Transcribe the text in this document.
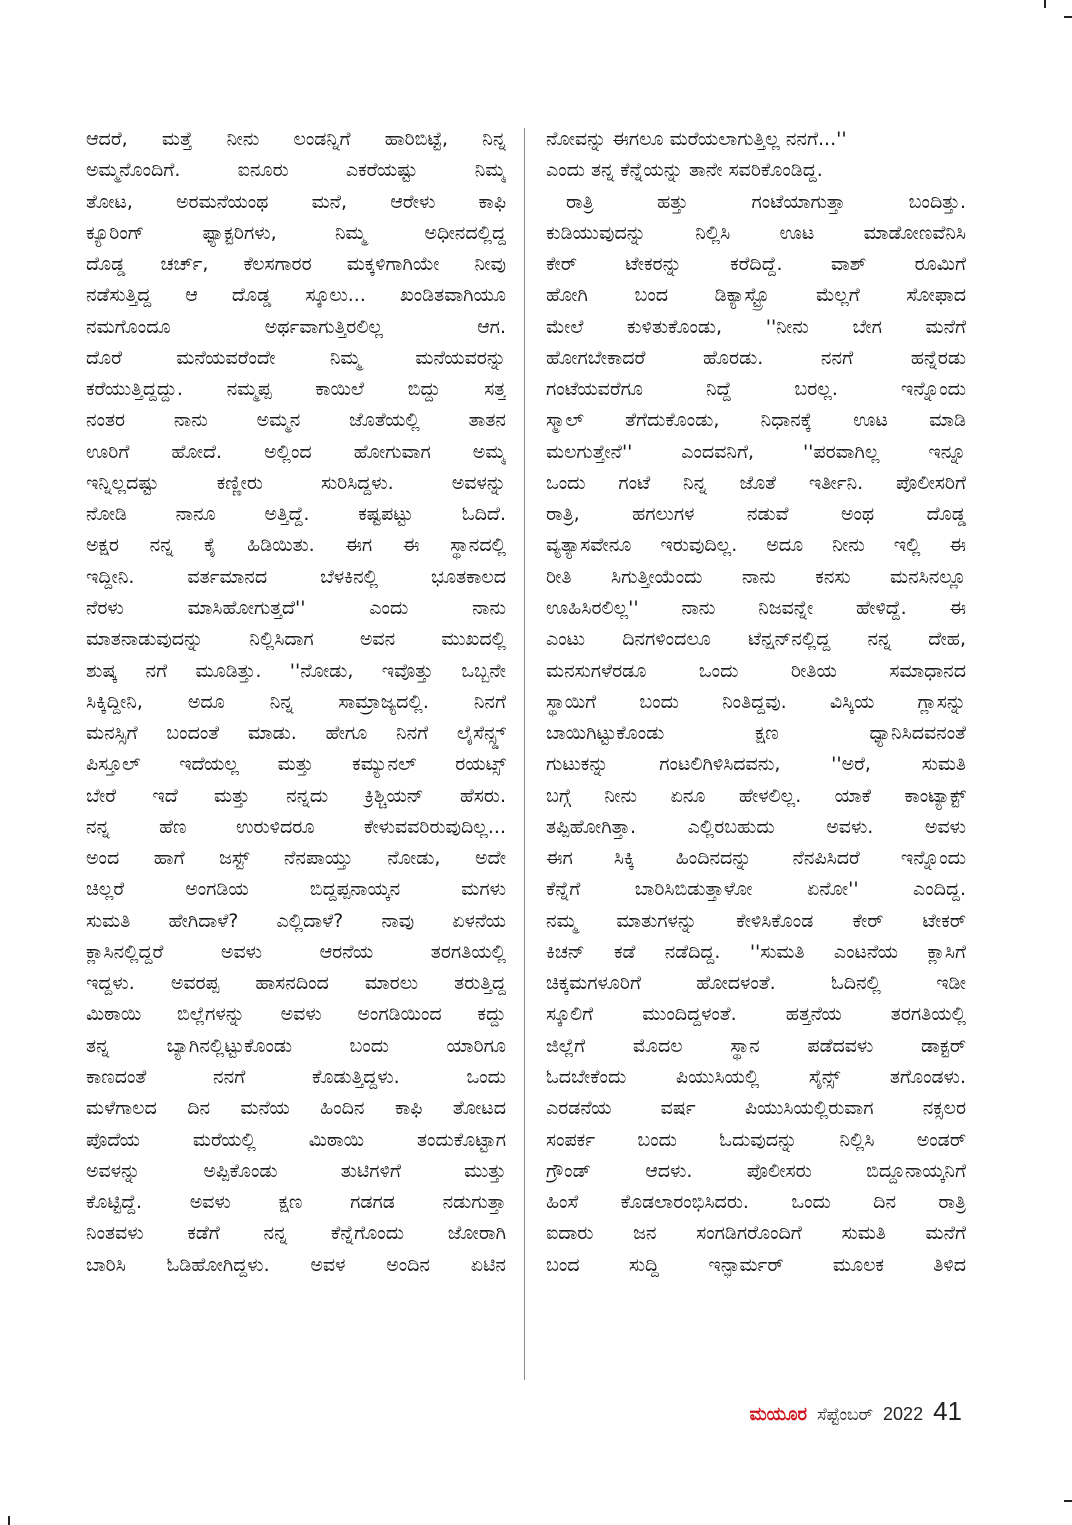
ಆದರೆ, ಮತ್ತೆ ನೀನು ಲಂಡನ್ನಿಗೆ ಹಾರಿಬಿಟ್ಟೆ, ನಿನ್ನ
ಅಮ್ಮನೊಂದಿಗೆ. ಐನೂರು ಎಕರೆಯಷ್ಟು ನಿಮ್ಮ
ತೋಟ, ಅರಮನೆಯಂಥ ಮನೆ, ಆರೇಳು ಕಾಫಿ
ಕ್ಯೂರಿಂಗ್ ಫ್ಯಾಕ್ಟರಿಗಳು, ನಿಮ್ಮ ಅಧೀನದಲ್ಲಿದ್ದ
ದೊಡ್ಡ ಚರ್ಚ್, ಕೆಲಸಗಾರರ ಮಕ್ಕಳಿಗಾಗಿಯೇ ನೀವು
ನಡೆಸುತ್ತಿದ್ದ ಆ ದೊಡ್ಡ ಸ್ಕೂಲು... ಖಂಡಿತವಾಗಿಯೂ
ನಮಗೊಂದೂ ಅರ್ಥವಾಗುತ್ತಿರಲಿಲ್ಲ ಆಗ.
ದೊರೆ ಮನೆಯವರೆಂದೇ ನಿಮ್ಮ ಮನೆಯವರನ್ನು
ಕರೆಯುತ್ತಿದ್ದದ್ದು. ನಮ್ಮಪ್ಪ ಕಾಯಿಲೆ ಬಿದ್ದು ಸತ್ತ
ನಂತರ ನಾನು ಅಮ್ಮನ ಜೊತೆಯಲ್ಲಿ ತಾತನ
ಊರಿಗೆ ಹೋದೆ. ಅಲ್ಲಿಂದ ಹೋಗುವಾಗ ಅಮ್ಮ
ಇನ್ನಿಲ್ಲದಷ್ಟು ಕಣ್ಣೀರು ಸುರಿಸಿದ್ದಳು. ಅವಳನ್ನು
ನೋಡಿ ನಾನೂ ಅತ್ತಿದ್ದೆ. ಕಷ್ಟಪಟ್ಟು ಓದಿದೆ.
ಅಕ್ಷರ ನನ್ನ ಕೈ ಹಿಡಿಯಿತು. ಈಗ ಈ ಸ್ಥಾನದಲ್ಲಿ
ಇದ್ದೀನಿ. ವರ್ತಮಾನದ ಬೆಳಕಿನಲ್ಲಿ ಭೂತಕಾಲದ
ನೆರಳು ಮಾಸಿಹೋಗುತ್ತದೆ'' ಎಂದು ನಾನು
ಮಾತನಾಡುವುದನ್ನು ನಿಲ್ಲಿಸಿದಾಗ ಅವನ ಮುಖದಲ್ಲಿ
ಶುಷ್ಕ ನಗೆ ಮೂಡಿತ್ತು. ''ನೋಡು, ಇವೊತ್ತು ಒಬ್ಬನೇ
ಸಿಕ್ಕಿದ್ದೀನಿ, ಅದೂ ನಿನ್ನ ಸಾಮ್ರಾಜ್ಯದಲ್ಲಿ. ನಿನಗೆ
ಮನಸ್ಸಿಗೆ ಬಂದಂತೆ ಮಾಡು. ಹೇಗೂ ನಿನಗೆ ಲೈಸೆನ್ಸ್ಡ್
ಪಿಸ್ತೂಲ್ ಇದೆಯಲ್ಲ ಮತ್ತು ಕಮ್ಯುನಲ್ ರಯಟ್ಸ್
ಬೇರೆ ಇದೆ ಮತ್ತು ನನ್ನದು ಕ್ರಿಶ್ಚಿಯನ್ ಹೆಸರು.
ನನ್ನ ಹೆಣ ಉರುಳಿದರೂ ಕೇಳುವವರಿರುವುದಿಲ್ಲ...
ಅಂದ ಹಾಗೆ ಜಸ್ಟ್ ನೆನಪಾಯ್ತು ನೋಡು, ಅದೇ
ಚಿಲ್ಲರೆ ಅಂಗಡಿಯ ಬಿದ್ದಪ್ಪನಾಯ್ಕನ ಮಗಳು
ಸುಮತಿ ಹೇಗಿದಾಳೆ? ಎಲ್ಲಿದಾಳೆ? ನಾವು ಏಳನೆಯ
ಕ್ಲಾಸಿನಲ್ಲಿದ್ದರೆ ಅವಳು ಆರನೆಯ ತರಗತಿಯಲ್ಲಿ
ಇದ್ದಳು. ಅವರಪ್ಪ ಹಾಸನದಿಂದ ಮಾರಲು ತರುತ್ತಿದ್ದ
ಮಿಠಾಯಿ ಬಿಲ್ಲೆಗಳನ್ನು ಅವಳು ಅಂಗಡಿಯಿಂದ ಕದ್ದು
ತನ್ನ ಬ್ಯಾಗಿನಲ್ಲಿಟ್ಟುಕೊಂಡು ಬಂದು ಯಾರಿಗೂ
ಕಾಣದಂತೆ ನನಗೆ ಕೊಡುತ್ತಿದ್ದಳು. ಒಂದು
ಮಳೆಗಾಲದ ದಿನ ಮನೆಯ ಹಿಂದಿನ ಕಾಫಿ ತೋಟದ
ಪೊದೆಯ ಮರೆಯಲ್ಲಿ ಮಿಠಾಯಿ ತಂದುಕೊಟ್ಟಾಗ
ಅವಳನ್ನು ಅಪ್ಪಿಕೊಂಡು ತುಟಿಗಳಿಗೆ ಮುತ್ತು
ಕೊಟ್ಟಿದ್ದೆ. ಅವಳು ಕ್ಷಣ ಗಡಗಡ ನಡುಗುತ್ತಾ
ನಿಂತವಳು ಕಡೆಗೆ ನನ್ನ ಕೆನ್ನೆಗೊಂದು ಜೋರಾಗಿ
ಬಾರಿಸಿ ಓಡಿಹೋಗಿದ್ದಳು. ಅವಳ ಅಂದಿನ ಏಟಿನ
ನೋವನ್ನು ಈಗಲೂ ಮರೆಯಲಾಗುತ್ತಿಲ್ಲ ನನಗೆ...''
ಎಂದು ತನ್ನ ಕೆನ್ನೆಯನ್ನು ತಾನೇ ಸವರಿಕೊಂಡಿದ್ದ.
ರಾತ್ರಿ ಹತ್ತು ಗಂಟೆಯಾಗುತ್ತಾ ಬಂದಿತ್ತು.
ಕುಡಿಯುವುದನ್ನು ನಿಲ್ಲಿಸಿ ಊಟ ಮಾಡೋಣವೆನಿಸಿ
ಕೇರ್ ಟೇಕರನ್ನು ಕರೆದಿದ್ದೆ. ವಾಶ್ ರೂಮಿಗೆ
ಹೋಗಿ ಬಂದ ಡಿಕ್ಯಾಸ್ಟ್ರೊ ಮೆಲ್ಲಗೆ ಸೋಫಾದ
ಮೇಲೆ ಕುಳಿತುಕೊಂಡು, ''ನೀನು ಬೇಗ ಮನೆಗೆ
ಹೋಗಬೇಕಾದರೆ ಹೊರಡು. ನನಗೆ ಹನ್ನೆರಡು
ಗಂಟೆಯವರೆಗೂ ನಿದ್ದೆ ಬರಲ್ಲ. ಇನ್ನೊಂದು
ಸ್ಮಾಲ್ ತೆಗೆದುಕೊಂಡು, ನಿಧಾನಕ್ಕೆ ಊಟ ಮಾಡಿ
ಮಲಗುತ್ತೇನೆ'' ಎಂದವನಿಗೆ, ''ಪರವಾಗಿಲ್ಲ ಇನ್ನೂ
ಒಂದು ಗಂಟೆ ನಿನ್ನ ಜೊತೆ ಇರ್ತೀನಿ. ಪೊಲೀಸರಿಗೆ
ರಾತ್ರಿ, ಹಗಲುಗಳ ನಡುವೆ ಅಂಥ ದೊಡ್ಡ
ವ್ಯತ್ಯಾಸವೇನೂ ಇರುವುದಿಲ್ಲ. ಅದೂ ನೀನು ಇಲ್ಲಿ ಈ
ರೀತಿ ಸಿಗುತ್ತೀಯೆಂದು ನಾನು ಕನಸು ಮನಸಿನಲ್ಲೂ
ಊಹಿಸಿರಲಿಲ್ಲ'' ನಾನು ನಿಜವನ್ನೇ ಹೇಳಿದ್ದೆ. ಈ
ಎಂಟು ದಿನಗಳಿಂದಲೂ ಟೆನ್ಷನ್‌ನಲ್ಲಿದ್ದ ನನ್ನ ದೇಹ,
ಮನಸುಗಳೆರಡೂ ಒಂದು ರೀತಿಯ ಸಮಾಧಾನದ
ಸ್ಥಾಯಿಗೆ ಬಂದು ನಿಂತಿದ್ದವು. ವಿಸ್ಕಿಯ ಗ್ಲಾಸನ್ನು
ಬಾಯಿಗಿಟ್ಟುಕೊಂಡು ಕ್ಷಣ ಧ್ಯಾನಿಸಿದವನಂತೆ
ಗುಟುಕನ್ನು ಗಂಟಲಿಗಿಳಿಸಿದವನು, ''ಅರೆ, ಸುಮತಿ
ಬಗ್ಗೆ ನೀನು ಏನೂ ಹೇಳಲಿಲ್ಲ. ಯಾಕೆ ಕಾಂಟ್ಯಾಕ್ಟ್
ತಪ್ಪಿಹೋಗಿತ್ತಾ. ಎಲ್ಲಿರಬಹುದು ಅವಳು. ಅವಳು
ಈಗ ಸಿಕ್ಕಿ ಹಿಂದಿನದನ್ನು ನೆನಪಿಸಿದರೆ ಇನ್ನೊಂದು
ಕೆನ್ನೆಗೆ ಬಾರಿಸಿಬಿಡುತ್ತಾಳೋ ಏನೋ'' ಎಂದಿದ್ದ.
ನಮ್ಮ ಮಾತುಗಳನ್ನು ಕೇಳಿಸಿಕೊಂಡ ಕೇರ್ ಟೇಕರ್
ಕಿಚನ್ ಕಡೆ ನಡೆದಿದ್ದ. ''ಸುಮತಿ ಎಂಟನೆಯ ಕ್ಲಾಸಿಗೆ
ಚಿಕ್ಕಮಗಳೂರಿಗೆ ಹೋದಳಂತೆ. ಓದಿನಲ್ಲಿ ಇಡೀ
ಸ್ಕೂಲಿಗೆ ಮುಂದಿದ್ದಳಂತೆ. ಹತ್ತನೆಯ ತರಗತಿಯಲ್ಲಿ
ಜಿಲ್ಲೆಗೆ ಮೊದಲ ಸ್ಥಾನ ಪಡೆದವಳು ಡಾಕ್ಟರ್
ಓದಬೇಕೆಂದು ಪಿಯುಸಿಯಲ್ಲಿ ಸೈನ್ಸ್ ತಗೊಂಡಳು.
ಎರಡನೆಯ ವರ್ಷ ಪಿಯುಸಿಯಲ್ಲಿರುವಾಗ ನಕ್ಸಲರ
ಸಂಪರ್ಕ ಬಂದು ಓದುವುದನ್ನು ನಿಲ್ಲಿಸಿ ಅಂಡರ್
ಗ್ರೌಂಡ್ ಆದಳು. ಪೊಲೀಸರು ಬಿದ್ದೂನಾಯ್ಕನಿಗೆ
ಹಿಂಸೆ ಕೊಡಲಾರಂಭಿಸಿದರು. ಒಂದು ದಿನ ರಾತ್ರಿ
ಐದಾರು ಜನ ಸಂಗಡಿಗರೊಂದಿಗೆ ಸುಮತಿ ಮನೆಗೆ
ಬಂದ ಸುದ್ದಿ ಇನ್ಫಾರ್ಮರ್ ಮೂಲಕ ತಿಳಿದ
ಮಯೂರ ಸೆಪ್ಟೆಂಬರ್ 2022 41
